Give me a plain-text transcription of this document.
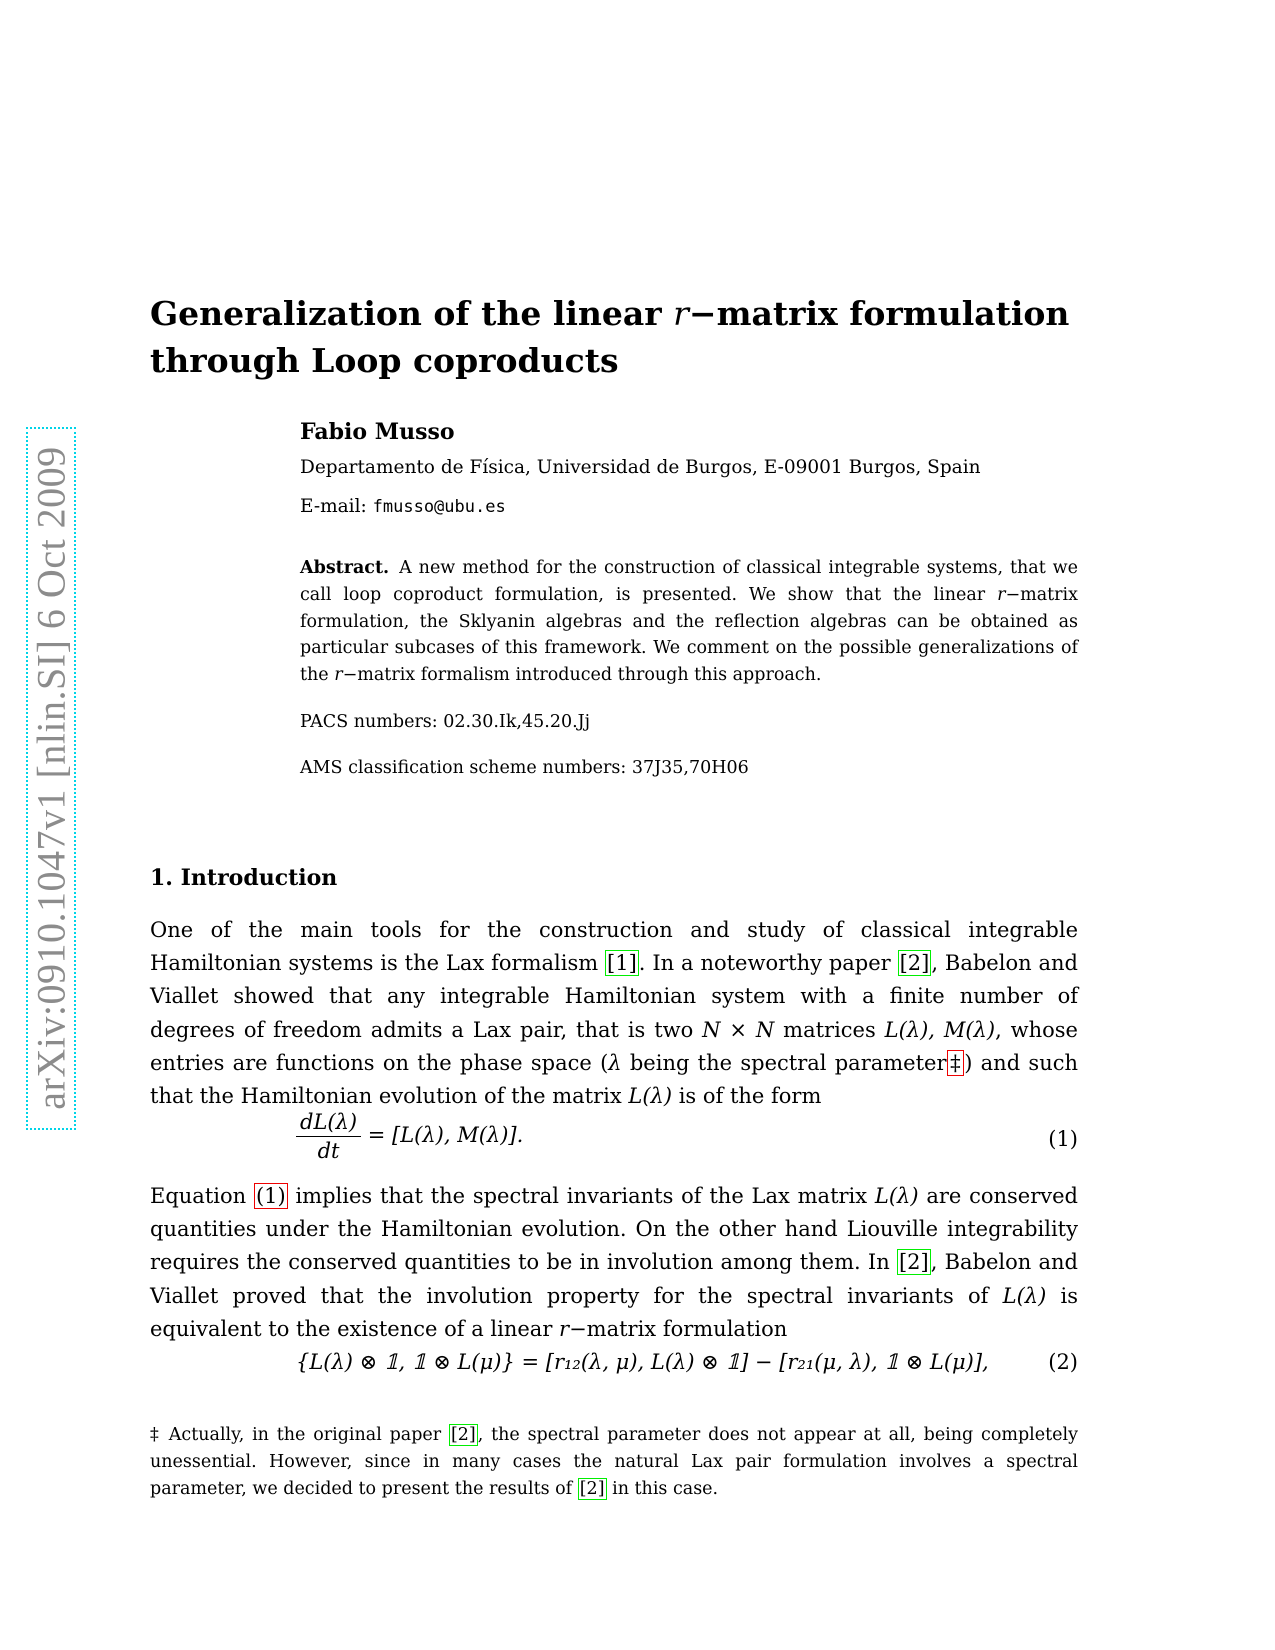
arXiv:0910.1047v1 [nlin.SI] 6 Oct 2009
Generalization of the linear r−matrix formulation through Loop coproducts
Fabio Musso
Departamento de Física, Universidad de Burgos, E-09001 Burgos, Spain
E-mail: fmusso@ubu.es
Abstract. A new method for the construction of classical integrable systems, that we call loop coproduct formulation, is presented. We show that the linear r−matrix formulation, the Sklyanin algebras and the reflection algebras can be obtained as particular subcases of this framework. We comment on the possible generalizations of the r−matrix formalism introduced through this approach.
PACS numbers: 02.30.Ik,45.20.Jj
AMS classification scheme numbers: 37J35,70H06
1. Introduction
One of the main tools for the construction and study of classical integrable Hamiltonian systems is the Lax formalism [1]. In a noteworthy paper [2], Babelon and Viallet showed that any integrable Hamiltonian system with a finite number of degrees of freedom admits a Lax pair, that is two N × N matrices L(λ), M(λ), whose entries are functions on the phase space (λ being the spectral parameter‡) and such that the Hamiltonian evolution of the matrix L(λ) is of the form
$\frac{dL(\lambda)}{dt} = [L(\lambda)$, M(λ)].	(1)
Equation (1) implies that the spectral invariants of the Lax matrix L(λ) are conserved quantities under the Hamiltonian evolution. On the other hand Liouville integrability requires the conserved quantities to be in involution among them. In [2], Babelon and Viallet proved that the involution property for the spectral invariants of L(λ) is equivalent to the existence of a linear r−matrix formulation
{L(λ) ⊗ 𝟙, 𝟙 ⊗ L(μ)} = [r₁₂(λ, μ), L(λ) ⊗ 𝟙] − [r₂₁(μ, λ), 𝟙 ⊗ L(μ)],	(2)
‡ Actually, in the original paper [2] , the spectral parameter does not appear at all, being completely unessential. However, since in many cases the natural Lax pair formulation involves a spectral parameter, we decided to present the results of [2] in this case.
